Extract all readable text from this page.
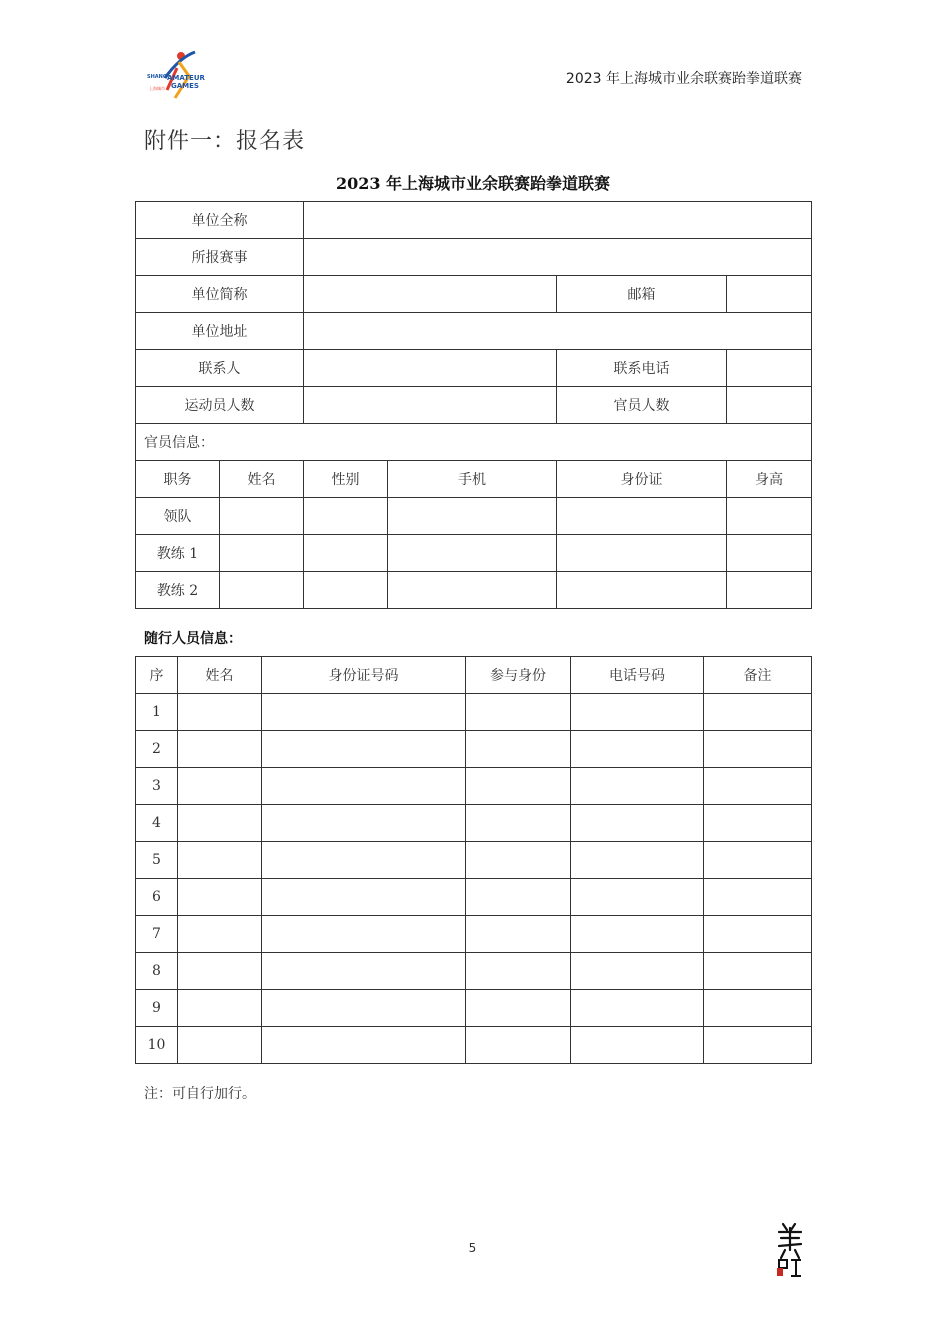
SHANG AMATEUR
GAMES
上海城市
2023 年上海城市业余联赛跆拳道联赛
附件一：报名表
2023 年上海城市业余联赛跆拳道联赛
单位全称					
所报赛事					
单位简称				邮箱	
单位地址					
联系人				联系电话	
运动员人数				官员人数	
官员信息：					
职务	姓名	性别	手机	身份证	身高
领队					
教练 1					
教练 2					
随行人员信息：
序	姓名	身份证号码	参与身份	电话号码	备注
1					
2					
3					
4					
5					
6					
7					
8					
9					
10					
注：可自行加行。
5
